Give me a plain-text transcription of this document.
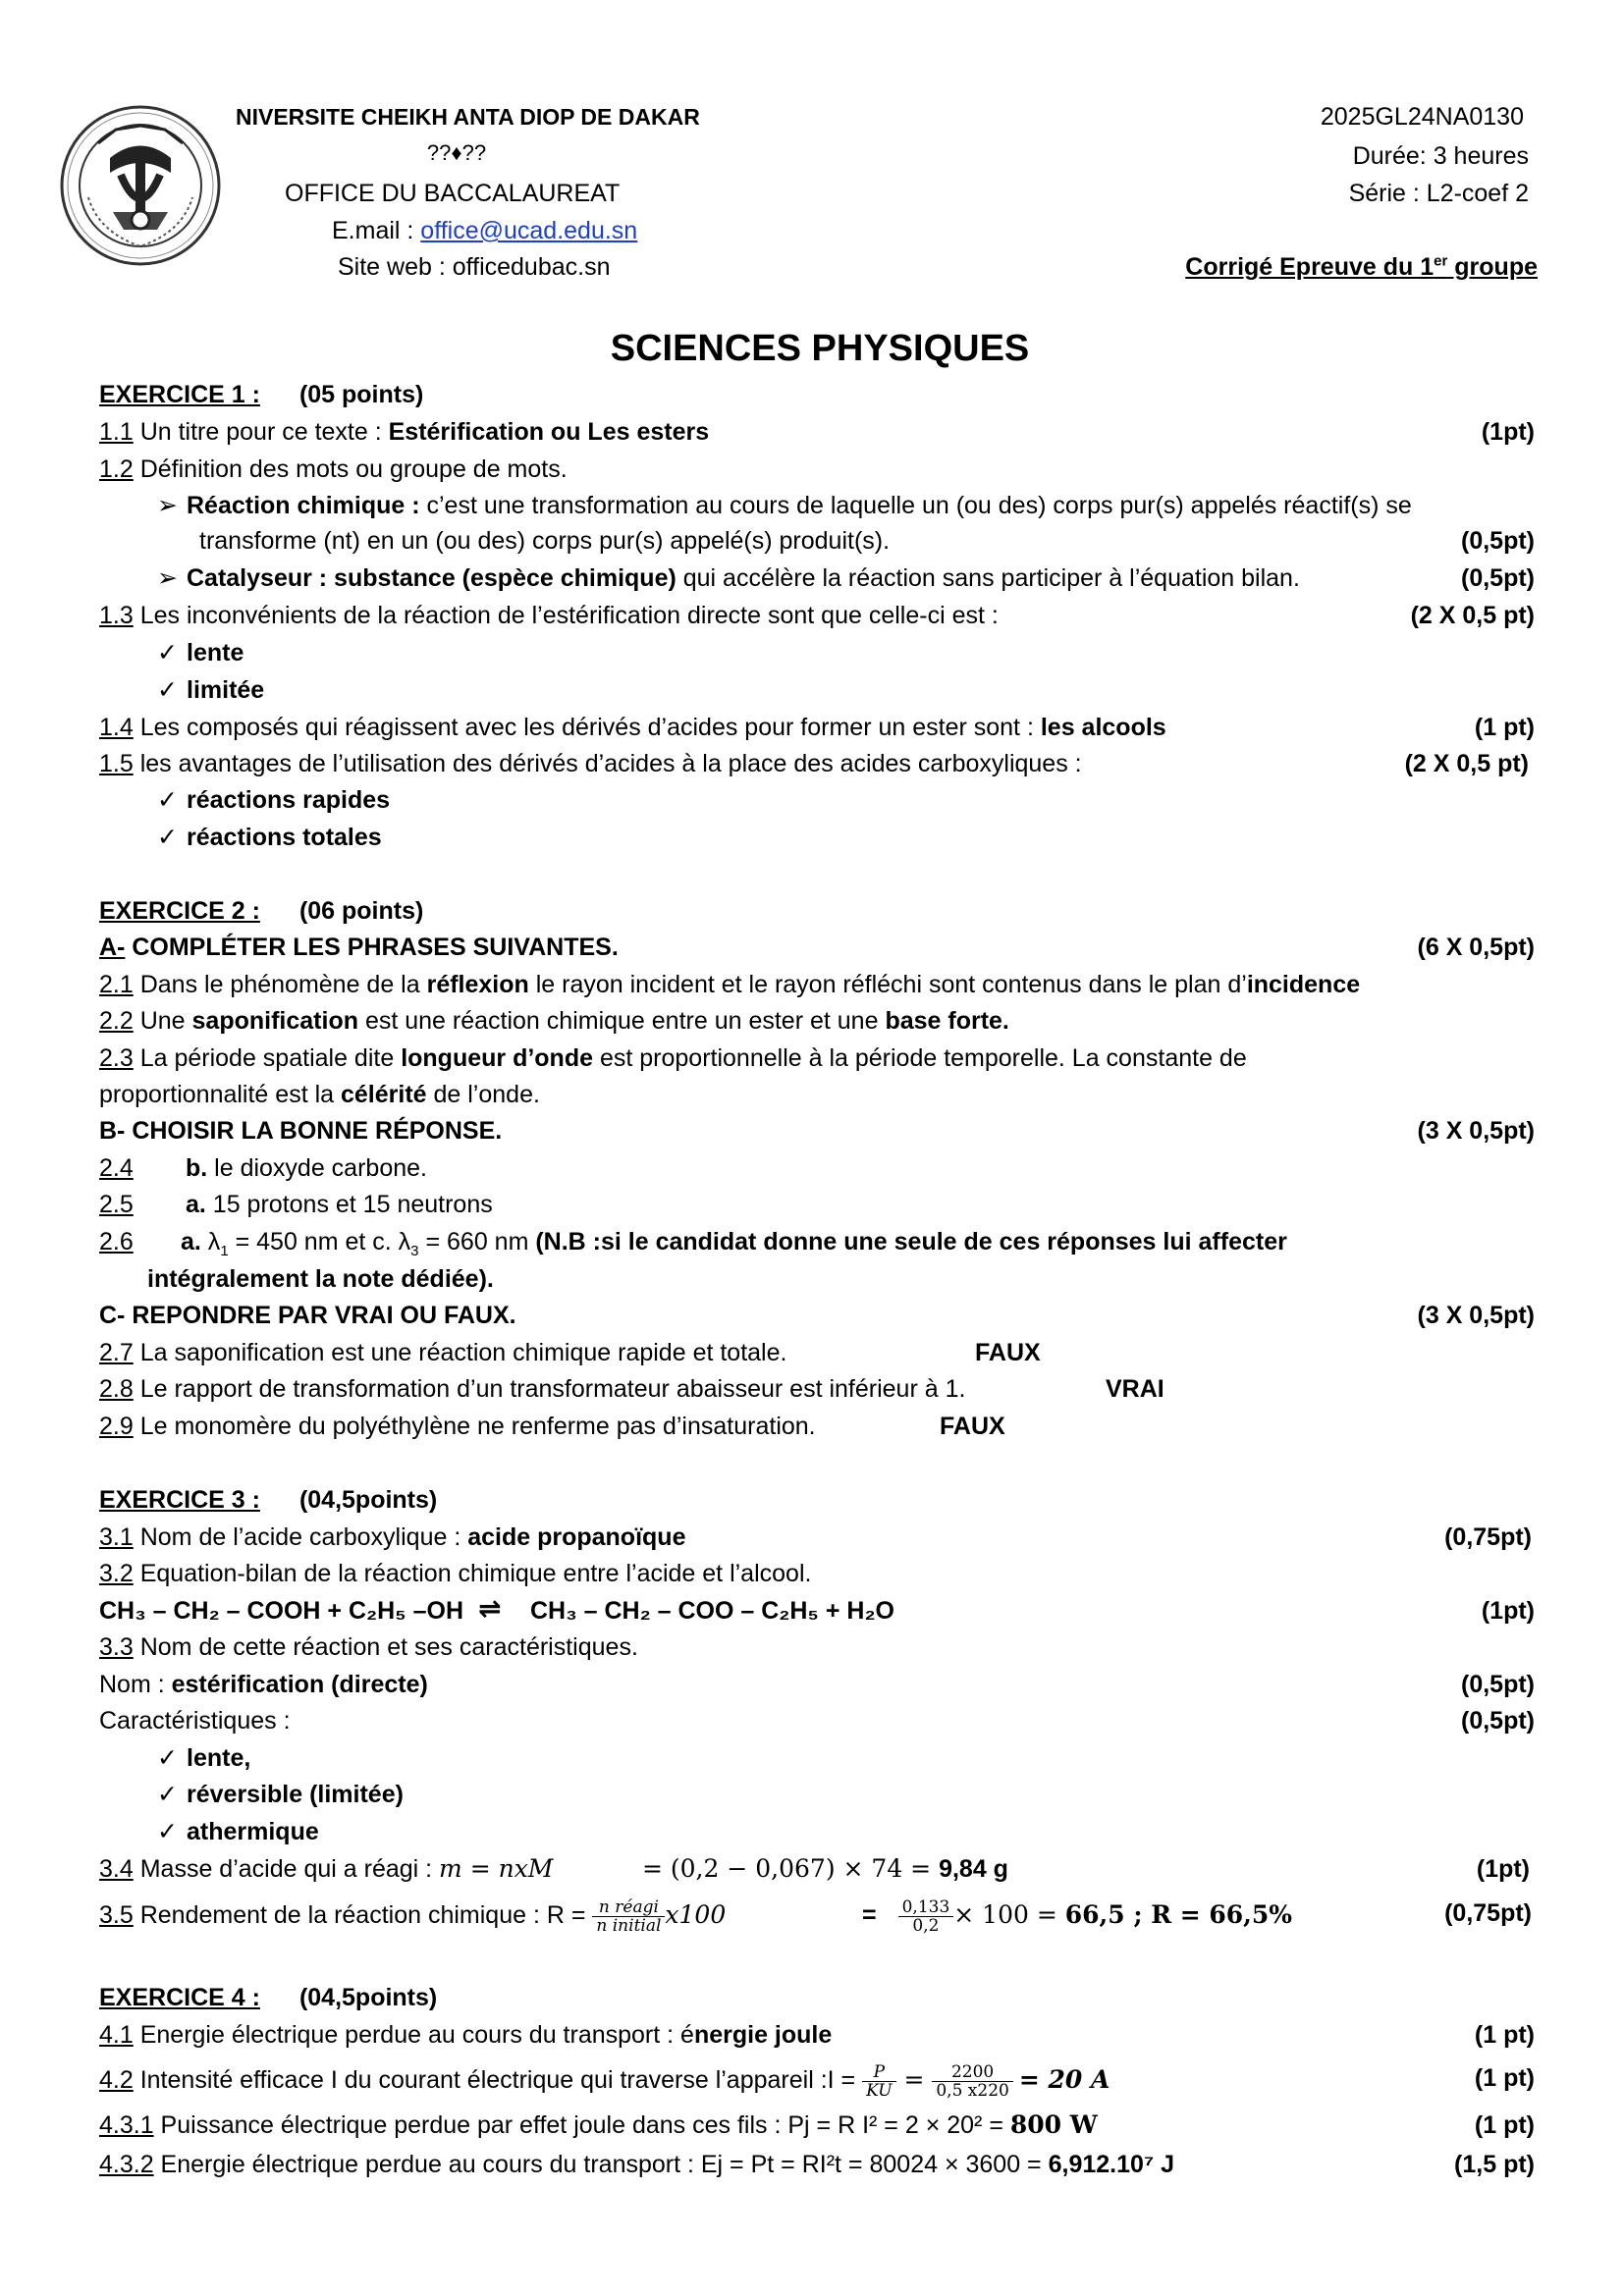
NIVERSITE CHEIKH ANTA DIOP DE DAKAR
??♦??
OFFICE DU BACCALAUREAT
E.mail : office@ucad.edu.sn
Site web : officedubac.sn
2025GL24NA0130
Durée: 3 heures
Série : L2-coef 2
Corrigé Epreuve du 1er groupe
SCIENCES PHYSIQUES
EXERCICE 1 : (05 points)
1.1 Un titre pour ce texte : Estérification ou Les esters	(1pt)
1.2 Définition des mots ou groupe de mots.
➢ Réaction chimique : c’est une transformation au cours de laquelle un (ou des) corps pur(s) appelés réactif(s) se
transforme (nt) en un (ou des) corps pur(s) appelé(s) produit(s).	(0,5pt)
➢ Catalyseur : substance (espèce chimique) qui accélère la réaction sans participer à l’équation bilan.	(0,5pt)
1.3 Les inconvénients de la réaction de l’estérification directe sont que celle-ci est :	(2 X 0,5 pt)
✓ lente
✓ limitée
1.4 Les composés qui réagissent avec les dérivés d’acides pour former un ester sont : les alcools	(1 pt)
1.5 les avantages de l’utilisation des dérivés d’acides à la place des acides carboxyliques :	(2 X 0,5 pt)
✓ réactions rapides
✓ réactions totales
EXERCICE 2 : (06 points)
A- COMPLÉTER LES PHRASES SUIVANTES.	(6 X 0,5pt)
2.1 Dans le phénomène de la réflexion le rayon incident et le rayon réfléchi sont contenus dans le plan d’incidence
2.2 Une saponification est une réaction chimique entre un ester et une base forte.
2.3 La période spatiale dite longueur d’onde est proportionnelle à la période temporelle. La constante de
proportionnalité est la célérité de l’onde.
B- CHOISIR LA BONNE RÉPONSE.	(3 X 0,5pt)
2.4 b. le dioxyde carbone.
2.5 a. 15 protons et 15 neutrons
2.6 a. $\lambda_1 = 450$ nm et c. $\lambda_3 = 660$ nm (N.B :si le candidat donne une seule de ces réponses lui affecter
intégralement la note dédiée).
C- REPONDRE PAR VRAI OU FAUX.	(3 X 0,5pt)
2.7 La saponification est une réaction chimique rapide et totale.	FAUX
2.8 Le rapport de transformation d’un transformateur abaisseur est inférieur à 1.	VRAI
2.9 Le monomère du polyéthylène ne renferme pas d’insaturation.	FAUX
EXERCICE 3 : (04,5points)
3.1 Nom de l’acide carboxylique : acide propanoïque	(0,75pt)
3.2 Equation-bilan de la réaction chimique entre l’acide et l’alcool.
CH₃ – CH₂ – COOH + C₂H₅ –OH ⇌ CH₃ – CH₂ – COO – C₂H₅ + H₂O	(1pt)
3.3 Nom de cette réaction et ses caractéristiques.
Nom : estérification (directe)	(0,5pt)
Caractéristiques :	(0,5pt)
✓ lente,
✓ réversible (limitée)
✓ athermique
3.4 Masse d’acide qui a réagi : m = nxM	= (0,2 − 0,067) × 74 = 9,84 g	(1pt)
3.5 Rendement de la réaction chimique : $R = \frac{\text{n réagi}}{\text{n initial}} x100$	= $\frac{0,133}{0,2} \times 100 = 66,5$ ; R = 66,5%	(0,75pt)
EXERCICE 4 : (04,5points)
4.1 Energie électrique perdue au cours du transport : énergie joule	(1 pt)
4.2 Intensité efficace I du courant électrique qui traverse l’appareil :I = $\frac{P}{KU} = \frac{2200}{0,5 x220} = 20$ A	(1 pt)
4.3.1 Puissance électrique perdue par effet joule dans ces fils : Pj = R I² = 2 × 20² = 800 W	(1 pt)
4.3.2 Energie électrique perdue au cours du transport : Ej = Pt = RI²t = 80024 × 3600 = 6,912.10⁷ J	(1,5 pt)
